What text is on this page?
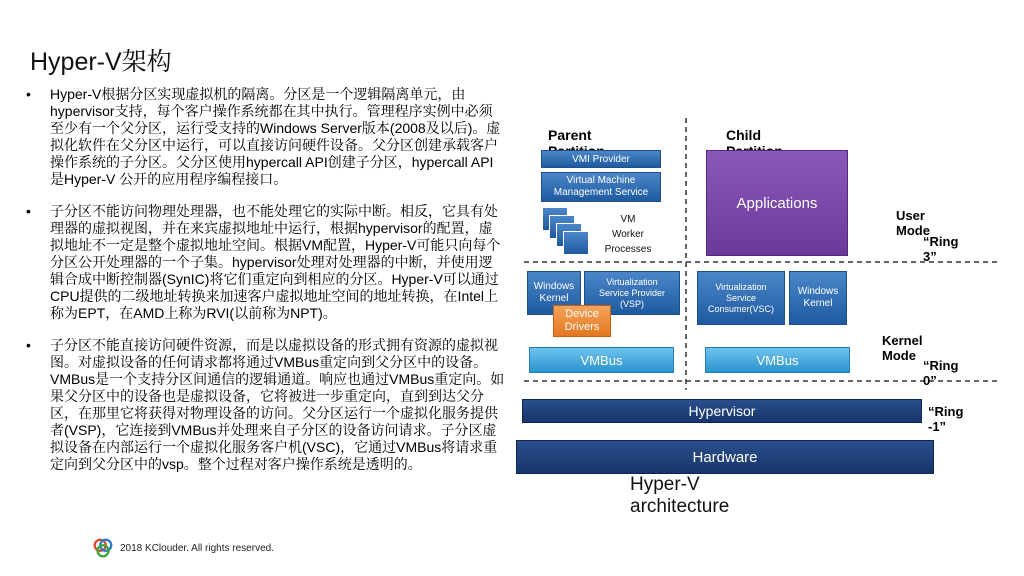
Hyper-V架构
• Hyper-V根据分区实现虚拟机的隔离。分区是一个逻辑隔离单元，由hypervisor支持，每个客户操作系统都在其中执行。管理程序实例中必须至少有一个父分区，运行受支持的Windows Server版本(2008及以后)。虚拟化软件在父分区中运行，可以直接访问硬件设备。父分区创建承载客户操作系统的子分区。父分区使用hypercall API创建子分区，hypercall API是Hyper-V 公开的应用程序编程接口。
• 子分区不能访问物理处理器，也不能处理它的实际中断。相反，它具有处理器的虚拟视图，并在来宾虚拟地址中运行，根据hypervisor的配置，虚拟地址不一定是整个虚拟地址空间。根据VM配置，Hyper-V可能只向每个分区公开处理器的一个子集。hypervisor处理对处理器的中断，并使用逻辑合成中断控制器(SynIC)将它们重定向到相应的分区。Hyper-V可以通过CPU提供的二级地址转换来加速客户虚拟地址空间的地址转换，在Intel上称为EPT，在AMD上称为RVI(以前称为NPT)。
• 子分区不能直接访问硬件资源，而是以虚拟设备的形式拥有资源的虚拟视图。对虚拟设备的任何请求都将通过VMBus重定向到父分区中的设备。VMBus是一个支持分区间通信的逻辑通道。响应也通过VMBus重定向。如果父分区中的设备也是虚拟设备，它将被进一步重定向，直到到达父分区，在那里它将获得对物理设备的访问。父分区运行一个虚拟化服务提供者(VSP)，它连接到VMBus并处理来自子分区的设备访问请求。子分区虚拟设备在内部运行一个虚拟化服务客户机(VSC)，它通过VMBus将请求重定向到父分区中的vsp。整个过程对客户操作系统是透明的。
Parent	Child
VMI Provider
Virtual Machine
Management Service
VM
Worker
Processes
Applications
User Mode
“Ring 3”
Windows
Kernel
Virtualization
Service Provider
(VSP)
Device
Drivers
Virtualization
Service
Consumer(VSC)
Windows
Kernel
Kernel Mode
“Ring 0”
VMBus	VMBus
Hypervisor	“Ring -1”
Hardware
Hyper-V architecture
2018 KClouder. All rights reserved.
